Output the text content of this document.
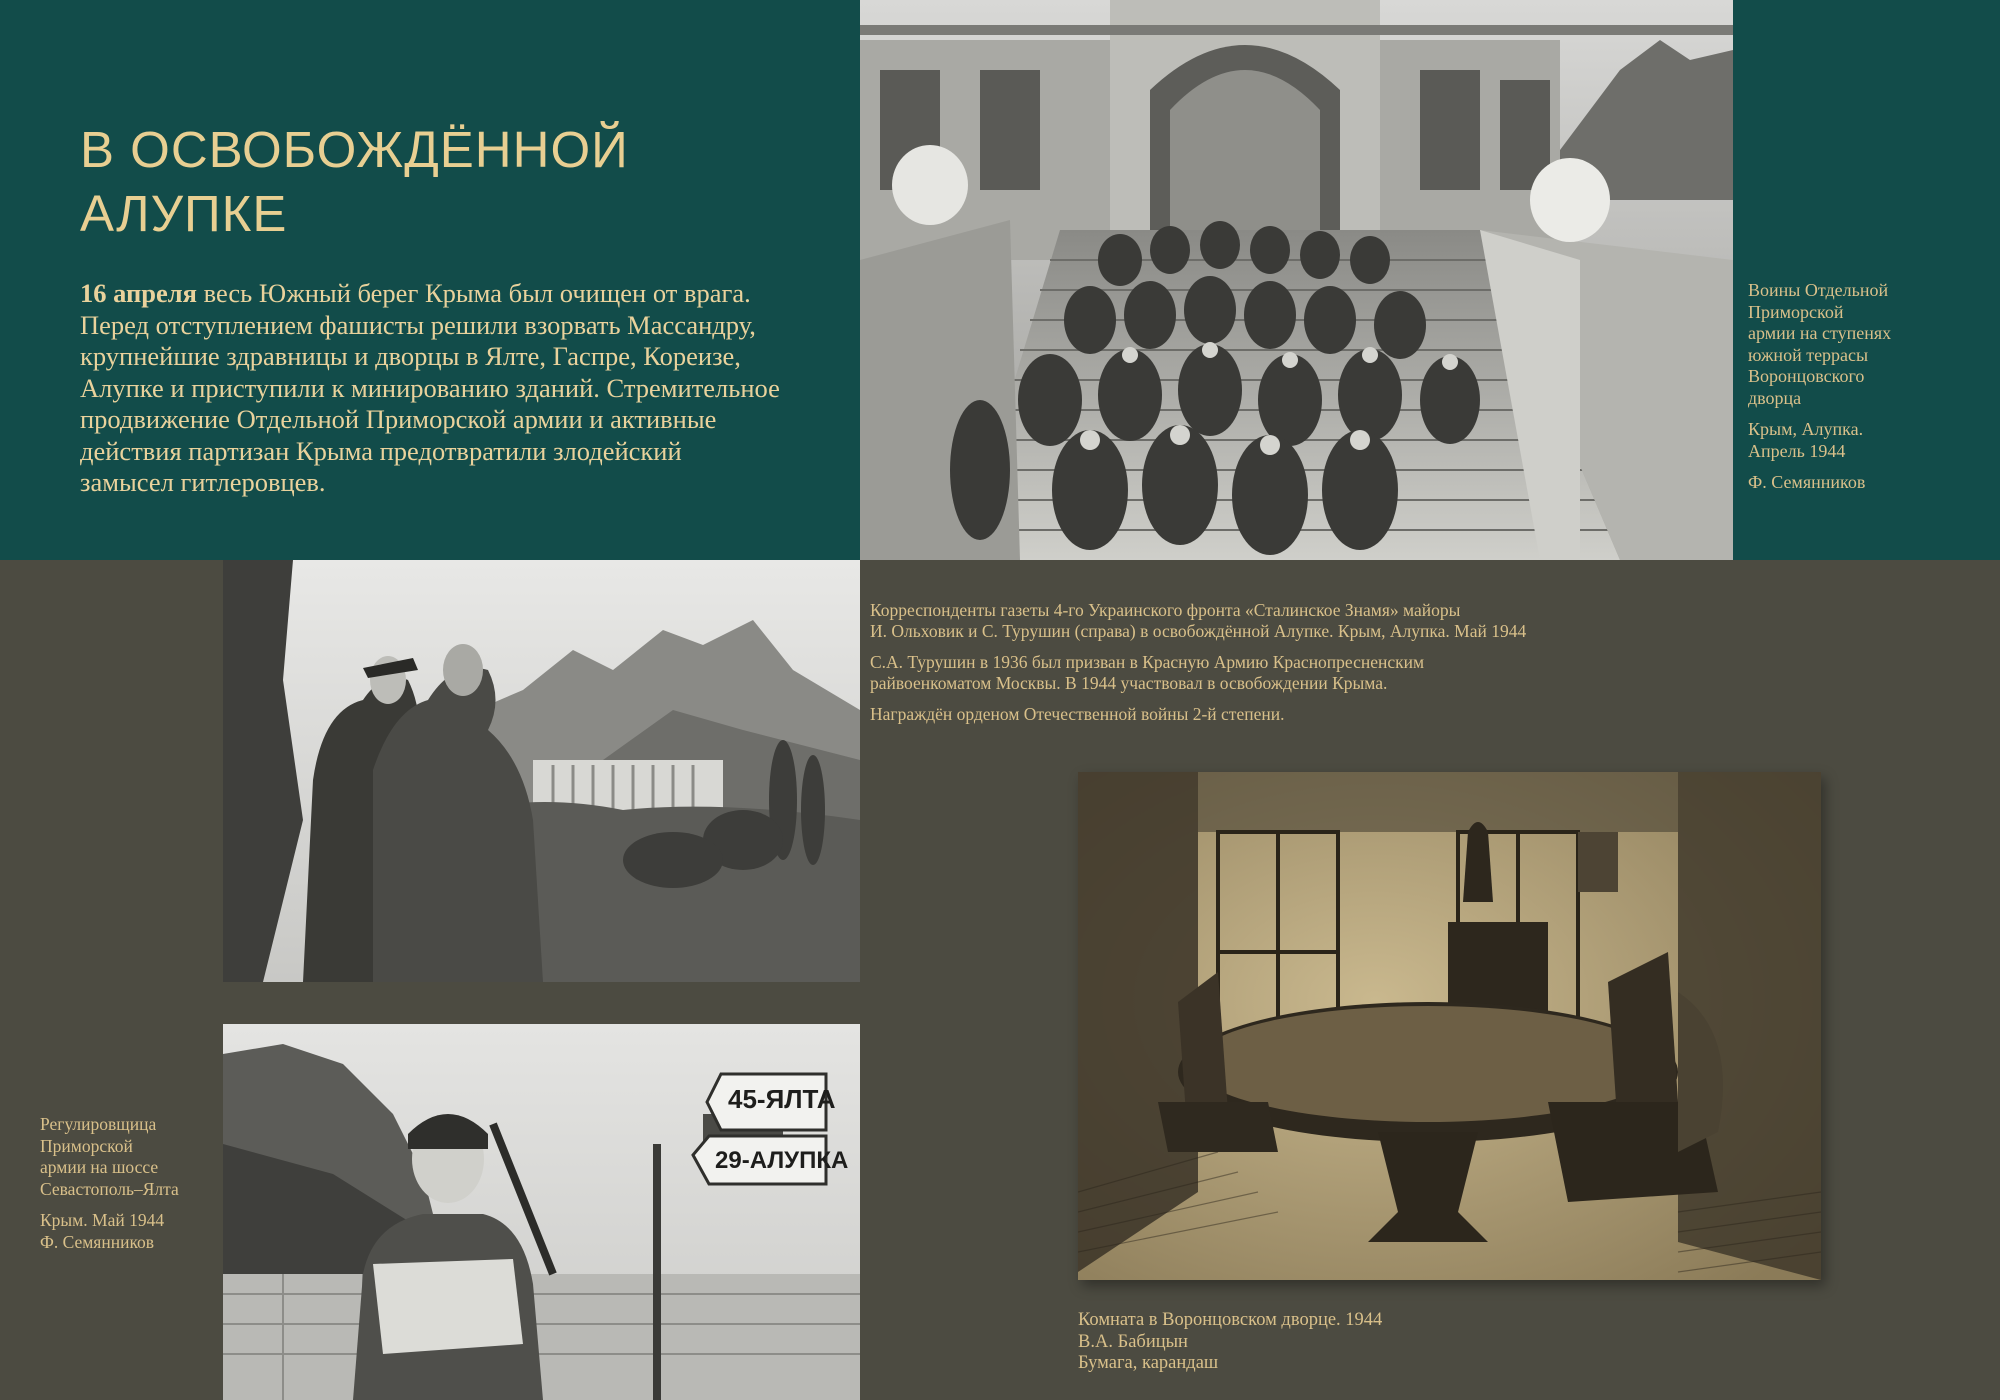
В ОСВОБОЖДЁННОЙ
АЛУПКЕ
16 апреля весь Южный берег Крыма был очищен от врага.
Перед отступлением фашисты решили взорвать Массандру,
крупнейшие здравницы и дворцы в Ялте, Гаспре, Кореизе,
Алупке и приступили к минированию зданий. Стремительное
продвижение Отдельной Приморской армии и активные
действия партизан Крыма предотвратили злодейский
замысел гитлеровцев.

Воины Отдельной
Приморской
армии на ступенях
южной террасы
Воронцовского
дворца

Крым, Алупка.
Апрель 1944

Ф. Семянников

Корреспонденты газеты 4-го Украинского фронта «Сталинское Знамя» майоры
И. Ольховик и С. Турушин (справа) в освобождённой Алупке. Крым, Алупка. Май 1944

С.А. Турушин в 1936 был призван в Красную Армию Краснопресненским
райвоенкоматом Москвы. В 1944 участвовал в освобождении Крыма.

Награждён орденом Отечественной войны 2-й степени.

45-ЯЛТА
29-АЛУПКА

Регулировщица
Приморской
армии на шоссе
Севастополь–Ялта

Крым. Май 1944
Ф. Семянников

Комната в Воронцовском дворце. 1944
В.А. Бабицын
Бумага, карандаш
